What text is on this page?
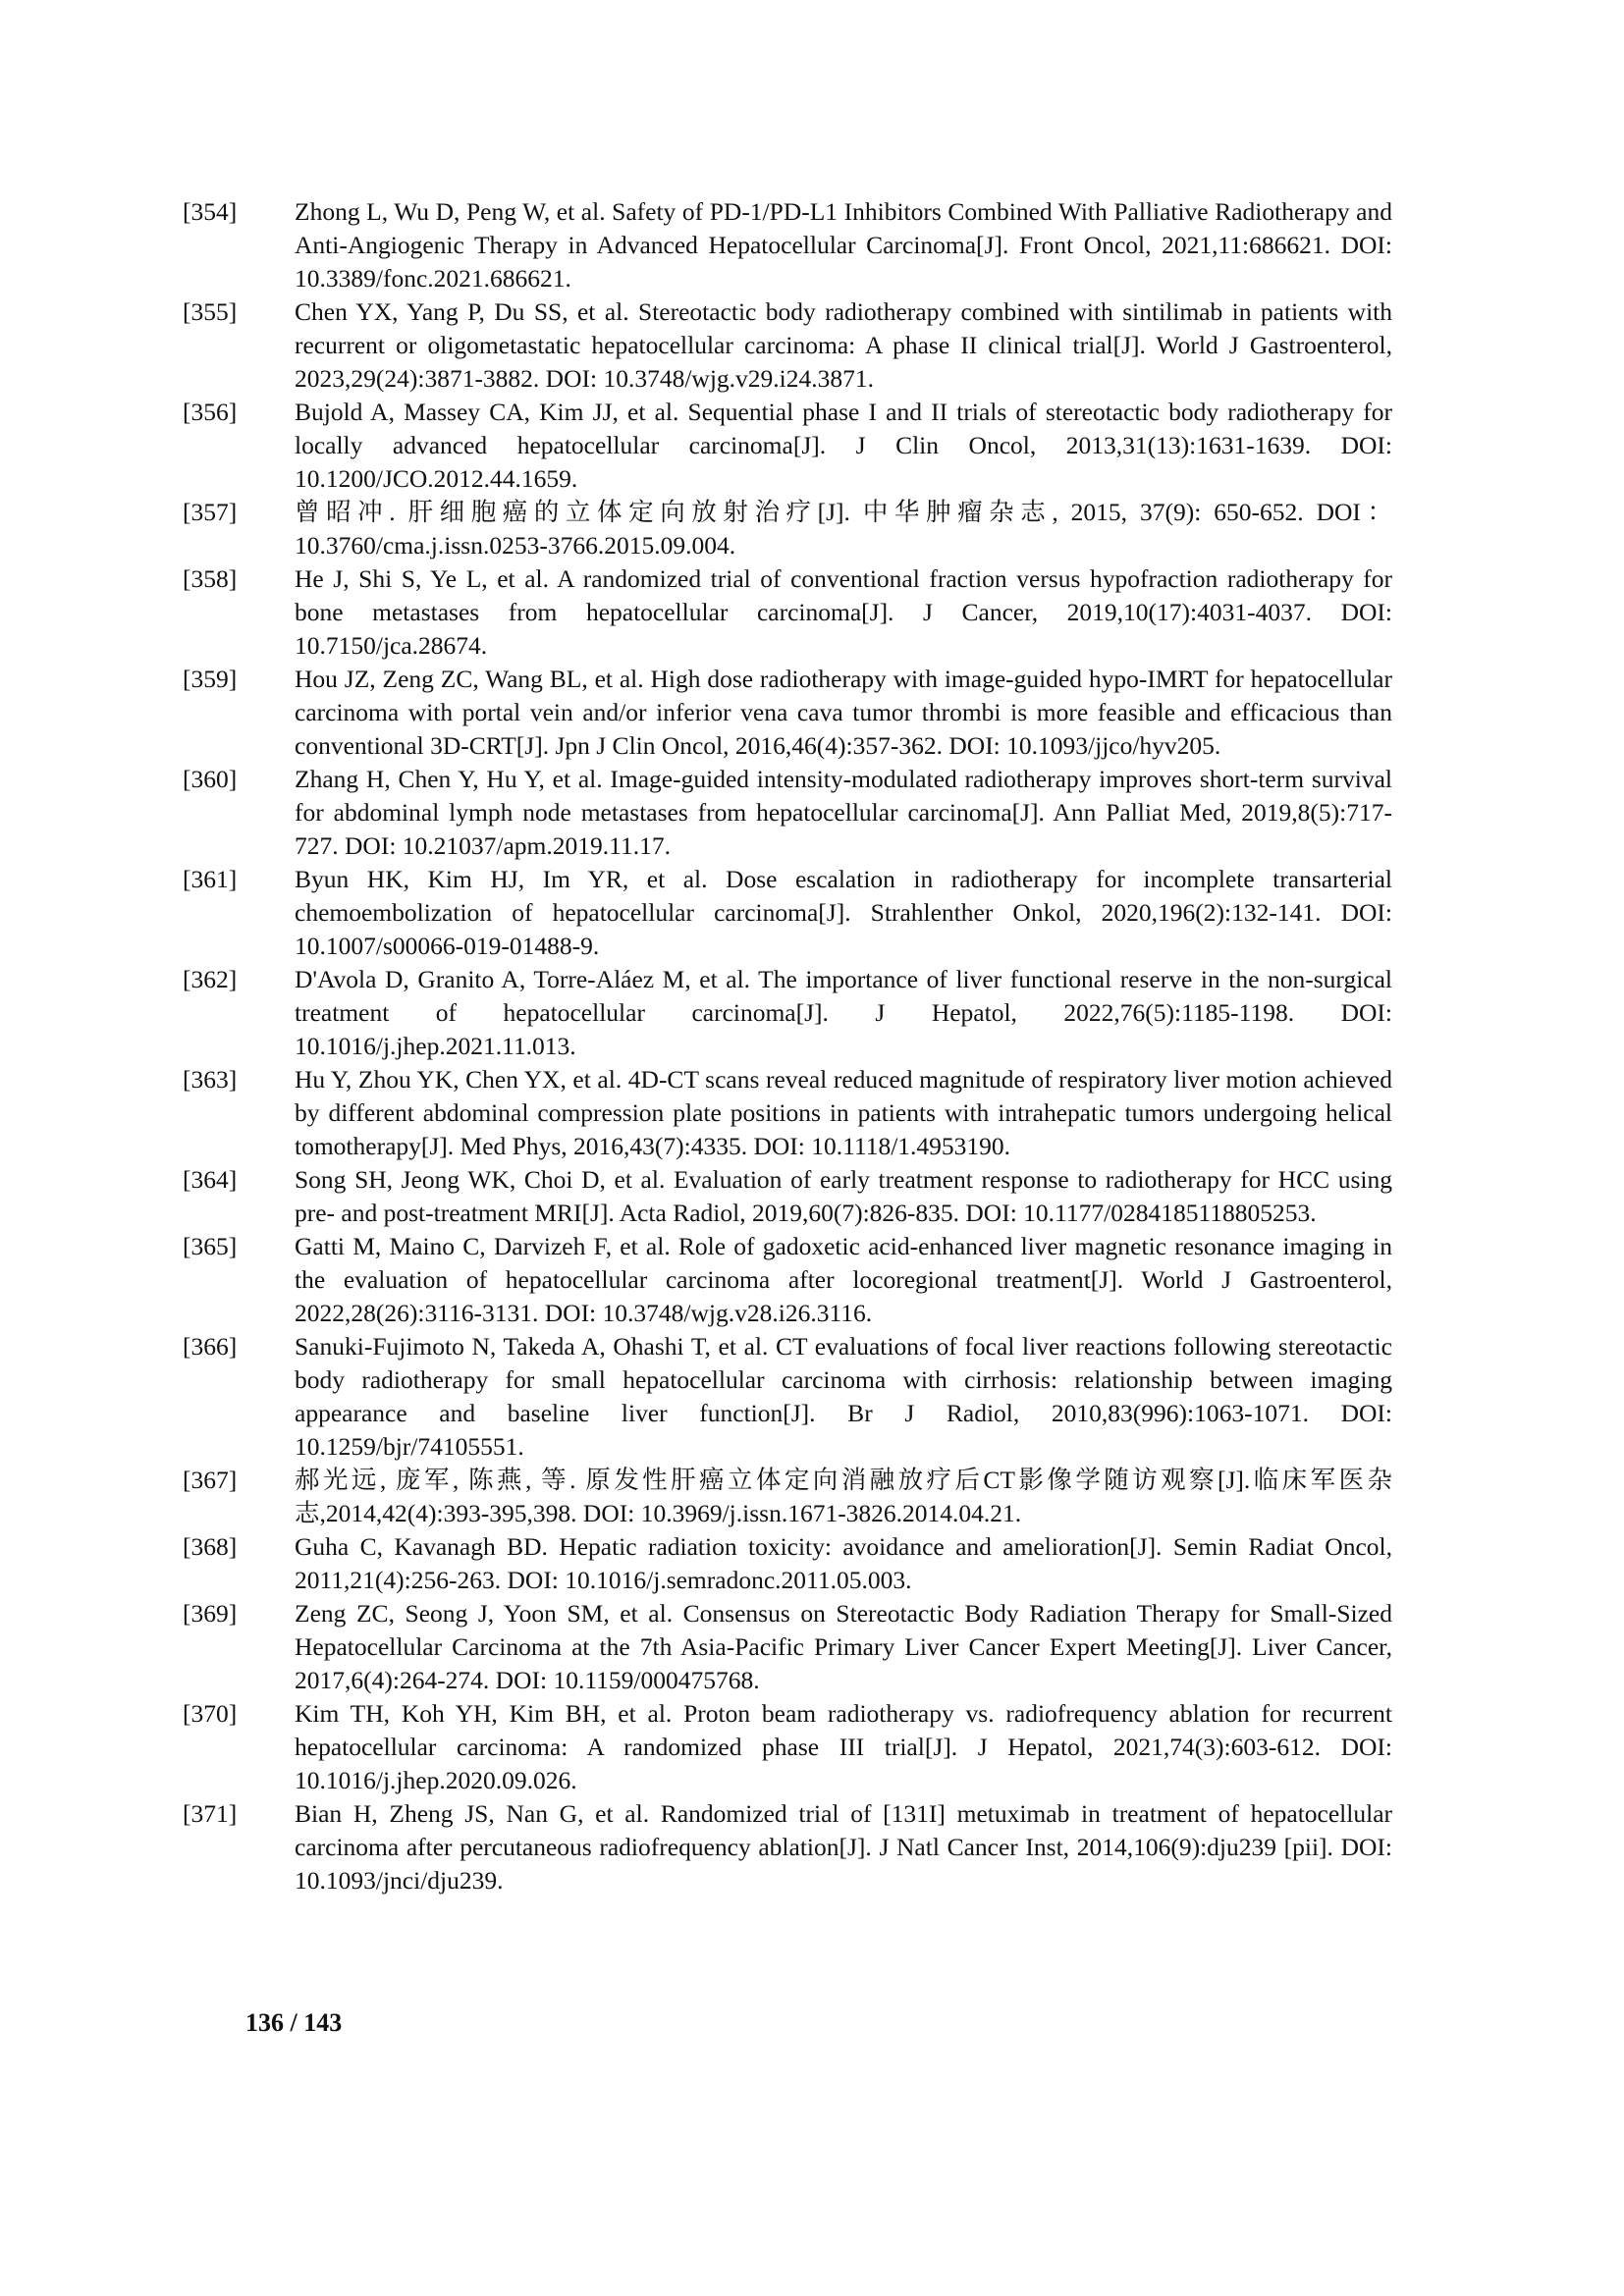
[354]	Zhong L, Wu D, Peng W, et al. Safety of PD-1/PD-L1 Inhibitors Combined With Palliative Radiotherapy and Anti-Angiogenic Therapy in Advanced Hepatocellular Carcinoma[J]. Front Oncol, 2021,11:686621. DOI: 10.3389/fonc.2021.686621.
[355]	Chen YX, Yang P, Du SS, et al. Stereotactic body radiotherapy combined with sintilimab in patients with recurrent or oligometastatic hepatocellular carcinoma: A phase II clinical trial[J]. World J Gastroenterol, 2023,29(24):3871-3882. DOI: 10.3748/wjg.v29.i24.3871.
[356]	Bujold A, Massey CA, Kim JJ, et al. Sequential phase I and II trials of stereotactic body radiotherapy for locally advanced hepatocellular carcinoma[J]. J Clin Oncol, 2013,31(13):1631-1639. DOI: 10.1200/JCO.2012.44.1659.
[357]	曾昭冲. 肝细胞癌的立体定向放射治疗[J]. 中华肿瘤杂志, 2015, 37(9): 650-652. DOI：10.3760/cma.j.issn.0253-3766.2015.09.004.
[358]	He J, Shi S, Ye L, et al. A randomized trial of conventional fraction versus hypofraction radiotherapy for bone metastases from hepatocellular carcinoma[J]. J Cancer, 2019,10(17):4031-4037. DOI: 10.7150/jca.28674.
[359]	Hou JZ, Zeng ZC, Wang BL, et al. High dose radiotherapy with image-guided hypo-IMRT for hepatocellular carcinoma with portal vein and/or inferior vena cava tumor thrombi is more feasible and efficacious than conventional 3D-CRT[J]. Jpn J Clin Oncol, 2016,46(4):357-362. DOI: 10.1093/jjco/hyv205.
[360]	Zhang H, Chen Y, Hu Y, et al. Image-guided intensity-modulated radiotherapy improves short-term survival for abdominal lymph node metastases from hepatocellular carcinoma[J]. Ann Palliat Med, 2019,8(5):717-727. DOI: 10.21037/apm.2019.11.17.
[361]	Byun HK, Kim HJ, Im YR, et al. Dose escalation in radiotherapy for incomplete transarterial chemoembolization of hepatocellular carcinoma[J]. Strahlenther Onkol, 2020,196(2):132-141. DOI: 10.1007/s00066-019-01488-9.
[362]	D'Avola D, Granito A, Torre-Aláez M, et al. The importance of liver functional reserve in the non-surgical treatment of hepatocellular carcinoma[J]. J Hepatol, 2022,76(5):1185-1198. DOI: 10.1016/j.jhep.2021.11.013.
[363]	Hu Y, Zhou YK, Chen YX, et al. 4D-CT scans reveal reduced magnitude of respiratory liver motion achieved by different abdominal compression plate positions in patients with intrahepatic tumors undergoing helical tomotherapy[J]. Med Phys, 2016,43(7):4335. DOI: 10.1118/1.4953190.
[364]	Song SH, Jeong WK, Choi D, et al. Evaluation of early treatment response to radiotherapy for HCC using pre- and post-treatment MRI[J]. Acta Radiol, 2019,60(7):826-835. DOI: 10.1177/0284185118805253.
[365]	Gatti M, Maino C, Darvizeh F, et al. Role of gadoxetic acid-enhanced liver magnetic resonance imaging in the evaluation of hepatocellular carcinoma after locoregional treatment[J]. World J Gastroenterol, 2022,28(26):3116-3131. DOI: 10.3748/wjg.v28.i26.3116.
[366]	Sanuki-Fujimoto N, Takeda A, Ohashi T, et al. CT evaluations of focal liver reactions following stereotactic body radiotherapy for small hepatocellular carcinoma with cirrhosis: relationship between imaging appearance and baseline liver function[J]. Br J Radiol, 2010,83(996):1063-1071. DOI: 10.1259/bjr/74105551.
[367]	郝光远, 庞军, 陈燕, 等. 原发性肝癌立体定向消融放疗后CT影像学随访观察[J].临床军医杂志,2014,42(4):393-395,398. DOI: 10.3969/j.issn.1671-3826.2014.04.21.
[368]	Guha C, Kavanagh BD. Hepatic radiation toxicity: avoidance and amelioration[J]. Semin Radiat Oncol, 2011,21(4):256-263. DOI: 10.1016/j.semradonc.2011.05.003.
[369]	Zeng ZC, Seong J, Yoon SM, et al. Consensus on Stereotactic Body Radiation Therapy for Small-Sized Hepatocellular Carcinoma at the 7th Asia-Pacific Primary Liver Cancer Expert Meeting[J]. Liver Cancer, 2017,6(4):264-274. DOI: 10.1159/000475768.
[370]	Kim TH, Koh YH, Kim BH, et al. Proton beam radiotherapy vs. radiofrequency ablation for recurrent hepatocellular carcinoma: A randomized phase III trial[J]. J Hepatol, 2021,74(3):603-612. DOI: 10.1016/j.jhep.2020.09.026.
[371]	Bian H, Zheng JS, Nan G, et al. Randomized trial of [131I] metuximab in treatment of hepatocellular carcinoma after percutaneous radiofrequency ablation[J]. J Natl Cancer Inst, 2014,106(9):dju239 [pii]. DOI: 10.1093/jnci/dju239.
136 / 143
